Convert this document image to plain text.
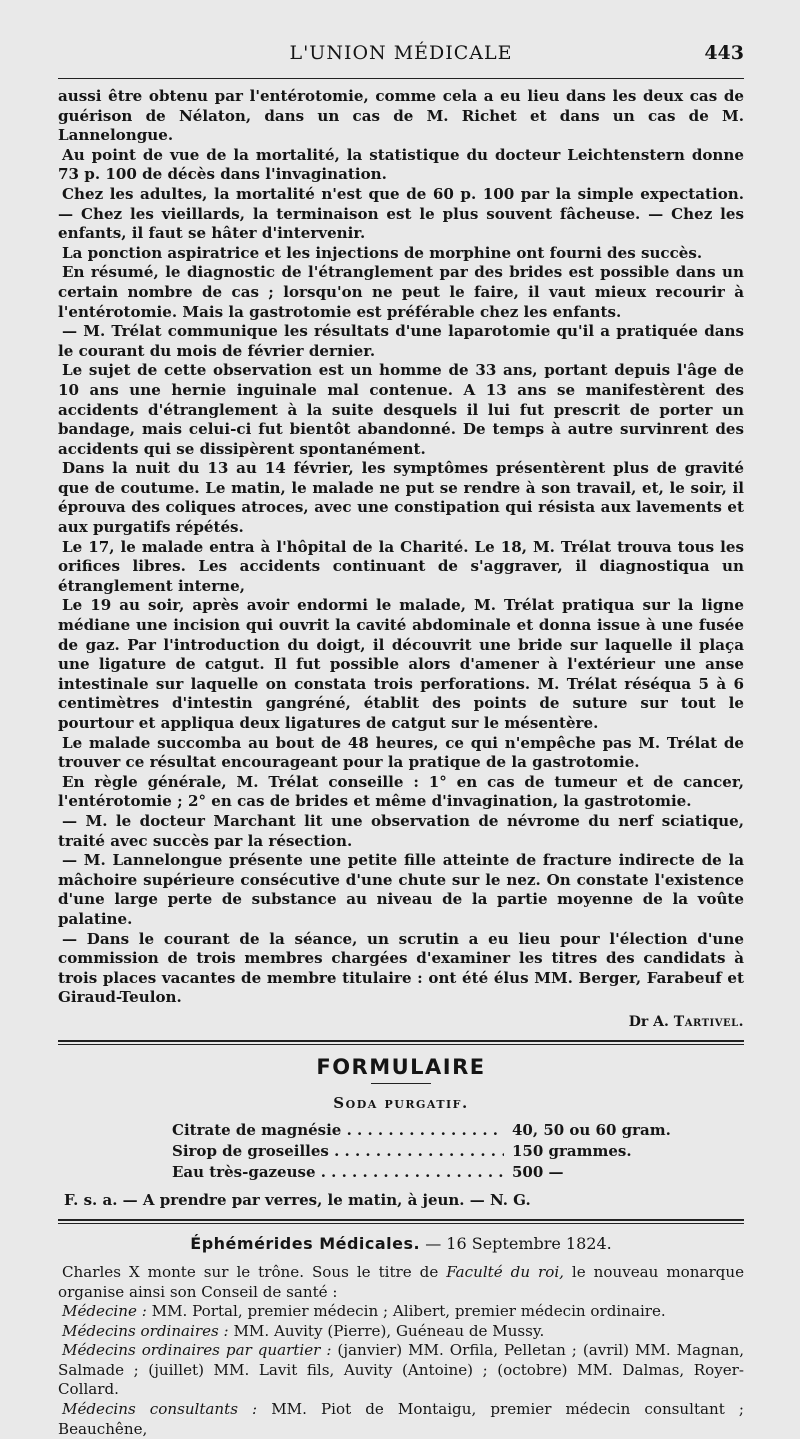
L'UNION MÉDICALE	443

aussi être obtenu par l'entérotomie, comme cela a eu lieu dans les deux cas de guérison de Nélaton, dans un cas de M. Richet et dans un cas de M. Lannelongue.

Au point de vue de la mortalité, la statistique du docteur Leichtenstern donne 73 p. 100 de décès dans l'invagination.

Chez les adultes, la mortalité n'est que de 60 p. 100 par la simple expectation. — Chez les vieillards, la terminaison est le plus souvent fâcheuse. — Chez les enfants, il faut se hâter d'intervenir.

La ponction aspiratrice et les injections de morphine ont fourni des succès.

En résumé, le diagnostic de l'étranglement par des brides est possible dans un certain nombre de cas ; lorsqu'on ne peut le faire, il vaut mieux recourir à l'entérotomie. Mais la gastrotomie est préférable chez les enfants.

— M. Trélat communique les résultats d'une laparotomie qu'il a pratiquée dans le courant du mois de février dernier.

Le sujet de cette observation est un homme de 33 ans, portant depuis l'âge de 10 ans une hernie inguinale mal contenue. A 13 ans se manifestèrent des accidents d'étranglement à la suite desquels il lui fut prescrit de porter un bandage, mais celui-ci fut bientôt abandonné. De temps à autre survinrent des accidents qui se dissipèrent spontanément.

Dans la nuit du 13 au 14 février, les symptômes présentèrent plus de gravité que de coutume. Le matin, le malade ne put se rendre à son travail, et, le soir, il éprouva des coliques atroces, avec une constipation qui résista aux lavements et aux purgatifs répétés.

Le 17, le malade entra à l'hôpital de la Charité. Le 18, M. Trélat trouva tous les orifices libres. Les accidents continuant de s'aggraver, il diagnostiqua un étranglement interne,

Le 19 au soir, après avoir endormi le malade, M. Trélat pratiqua sur la ligne médiane une incision qui ouvrit la cavité abdominale et donna issue à une fusée de gaz. Par l'introduction du doigt, il découvrit une bride sur laquelle il plaça une ligature de catgut. Il fut possible alors d'amener à l'extérieur une anse intestinale sur laquelle on constata trois perforations. M. Trélat réséqua 5 à 6 centimètres d'intestin gangréné, établit des points de suture sur tout le pourtour et appliqua deux ligatures de catgut sur le mésentère.

Le malade succomba au bout de 48 heures, ce qui n'empêche pas M. Trélat de trouver ce résultat encourageant pour la pratique de la gastrotomie.

En règle générale, M. Trélat conseille : 1° en cas de tumeur et de cancer, l'entérotomie ; 2° en cas de brides et même d'invagination, la gastrotomie.

— M. le docteur Marchant lit une observation de névrome du nerf sciatique, traité avec succès par la résection.

— M. Lannelongue présente une petite fille atteinte de fracture indirecte de la mâchoire supérieure consécutive d'une chute sur le nez. On constate l'existence d'une large perte de substance au niveau de la partie moyenne de la voûte palatine.

— Dans le courant de la séance, un scrutin a eu lieu pour l'élection d'une commission de trois membres chargées d'examiner les titres des candidats à trois places vacantes de membre titulaire : ont été élus MM. Berger, Farabeuf et Giraud-Teulon.

Dr A. Tartivel.
FORMULAIRE
Soda purgatif.
Citrate de magnésie . . .	40, 50 ou 60 gram.
Sirop de groseilles . . .	150 grammes.
Eau très-gazeuse . . .	500 —
F. s. a. — A prendre par verres, le matin, à jeun. — N. G.
Éphémérides Médicales. — 16 Septembre 1824.

Charles X monte sur le trône. Sous le titre de Faculté du roi, le nouveau monarque organise ainsi son Conseil de santé :

Médecine : MM. Portal, premier médecin ; Alibert, premier médecin ordinaire.

Médecins ordinaires : MM. Auvity (Pierre), Guéneau de Mussy.

Médecins ordinaires par quartier : (janvier) MM. Orfila, Pelletan ; (avril) MM. Magnan, Salmade ; (juillet) MM. Lavit fils, Auvity (Antoine) ; (octobre) MM. Dalmas, Royer-Collard.

Médecins consultants : MM. Piot de Montaigu, premier médecin consultant ; Beauchêne,
